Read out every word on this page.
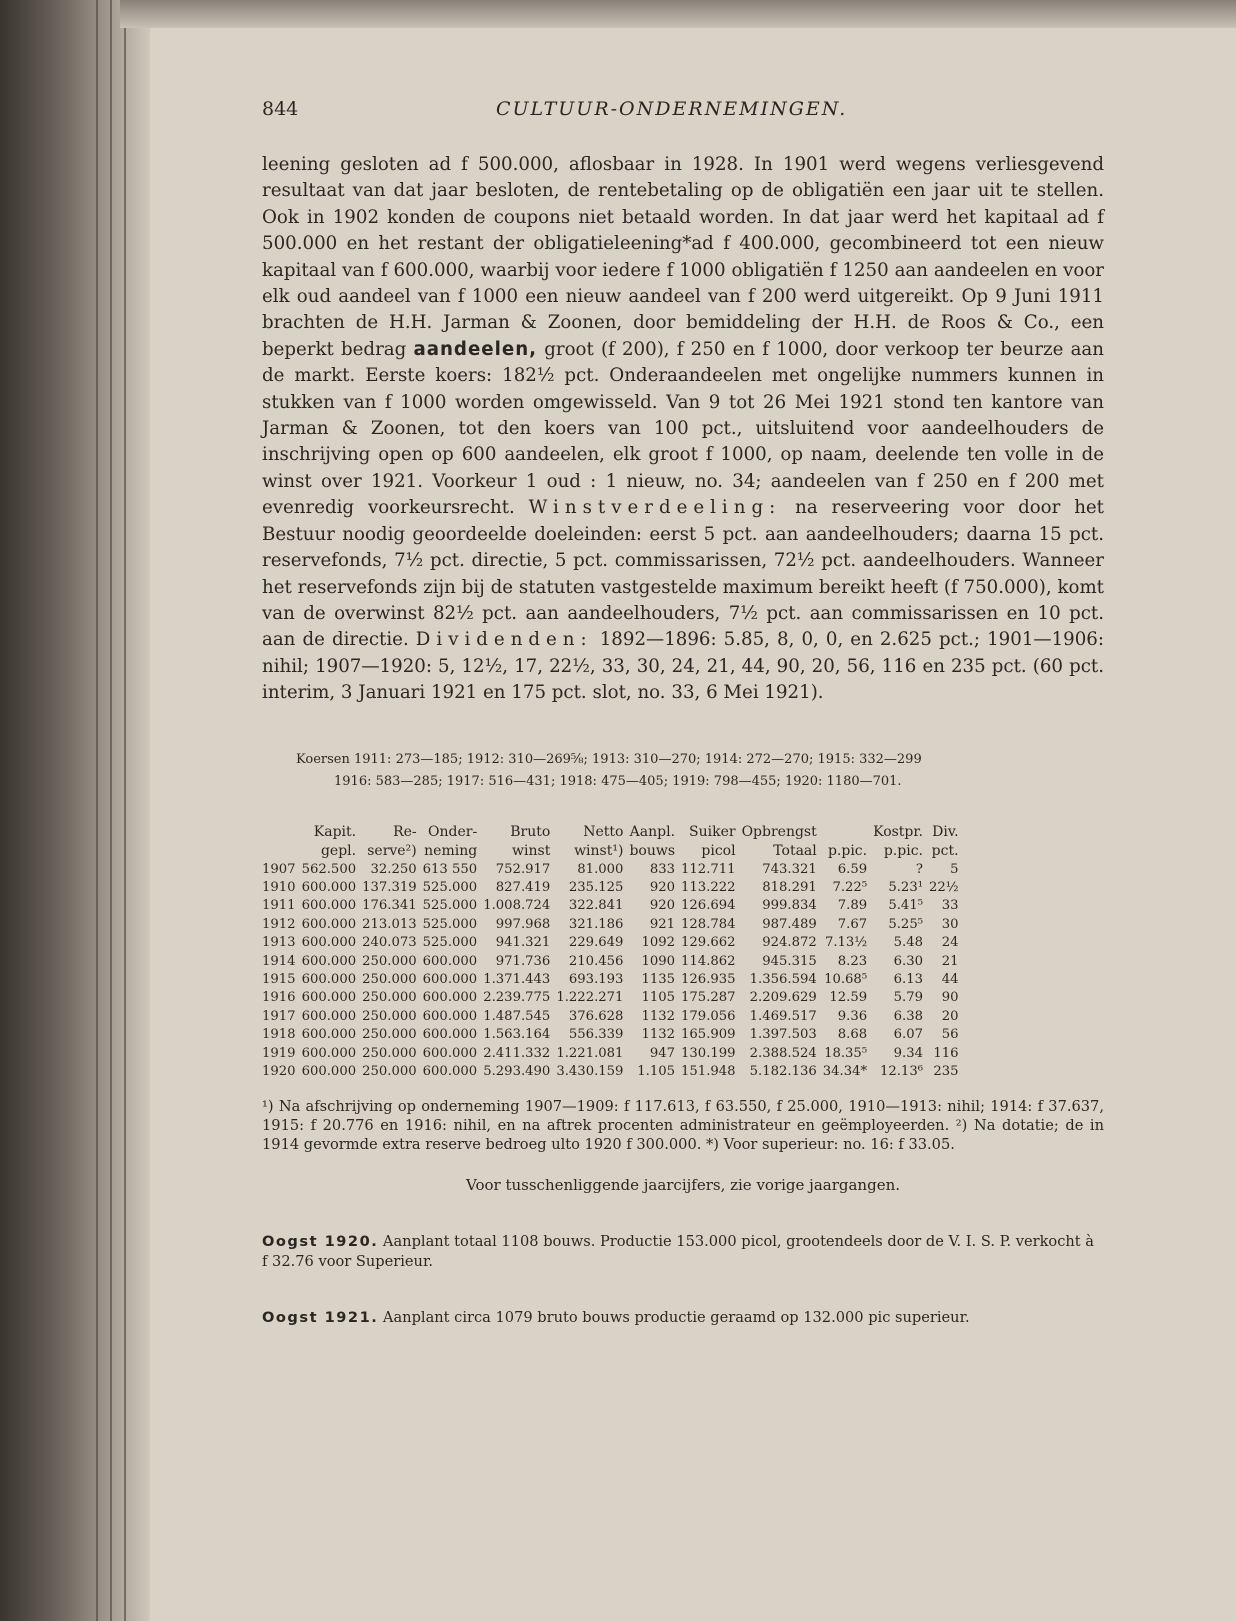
844	CULTUUR-ONDERNEMINGEN.

leening gesloten ad f 500.000, aflosbaar in 1928. In 1901 werd wegens verliesgevend resultaat van dat jaar besloten, de rentebetaling op de obligatiën een jaar uit te stellen. Ook in 1902 konden de coupons niet betaald worden. In dat jaar werd het kapitaal ad f 500.000 en het restant der obligatieleening*ad f 400.000, gecombineerd tot een nieuw kapitaal van f 600.000, waarbij voor iedere f 1000 obligatiën f 1250 aan aandeelen en voor elk oud aandeel van f 1000 een nieuw aandeel van f 200 werd uitgereikt. Op 9 Juni 1911 brachten de H.H. Jarman & Zoonen, door bemiddeling der H.H. de Roos & Co., een beperkt bedrag aandeelen, groot (f 200), f 250 en f 1000, door verkoop ter beurze aan de markt. Eerste koers: 182½ pct. Onderaandeelen met ongelijke nummers kunnen in stukken van f 1000 worden omgewisseld. Van 9 tot 26 Mei 1921 stond ten kantore van Jarman & Zoonen, tot den koers van 100 pct., uitsluitend voor aandeelhouders de inschrijving open op 600 aandeelen, elk groot f 1000, op naam, deelende ten volle in de winst over 1921. Voorkeur 1 oud : 1 nieuw, no. 34; aandeelen van f 250 en f 200 met evenredig voorkeursrecht. Winstverdeeling: na reserveering voor door het Bestuur noodig geoordeelde doeleinden: eerst 5 pct. aan aandeelhouders; daarna 15 pct. reservefonds, 7½ pct. directie, 5 pct. commissarissen, 72½ pct. aandeelhouders. Wanneer het reservefonds zijn bij de statuten vastgestelde maximum bereikt heeft (f 750.000), komt van de overwinst 82½ pct. aan aandeelhouders, 7½ pct. aan commissarissen en 10 pct. aan de directie. Dividenden: 1892—1896: 5.85, 8, 0, 0, en 2.625 pct.; 1901—1906: nihil; 1907—1920: 5, 12½, 17, 22½, 33, 30, 24, 21, 44, 90, 20, 56, 116 en 235 pct. (60 pct. interim, 3 Januari 1921 en 175 pct. slot, no. 33, 6 Mei 1921).

Koersen 1911: 273—185; 1912: 310—269⅝; 1913: 310—270; 1914: 272—270; 1915: 332—299
1916: 583—285; 1917: 516—431; 1918: 475—405; 1919: 798—455; 1920: 1180—701.
	Kapit.	Re-	Onder-	Bruto	Netto	Aanpl.	Suiker	Opbrengst		Kostpr.	Div.
	gepl.	serve²)	neming	winst	winst¹)	bouws	picol	Totaal	p.pic.	p.pic.	pct.
1907	562.500	32.250	613 550	752.917	81.000	833	112.711	743.321	6.59	?	5
1910	600.000	137.319	525.000	827.419	235.125	920	113.222	818.291	7.22⁵	5.23¹	22½
1911	600.000	176.341	525.000	1.008.724	322.841	920	126.694	999.834	7.89	5.41⁵	33
1912	600.000	213.013	525.000	997.968	321.186	921	128.784	987.489	7.67	5.25⁵	30
1913	600.000	240.073	525.000	941.321	229.649	1092	129.662	924.872	7.13½	5.48	24
1914	600.000	250.000	600.000	971.736	210.456	1090	114.862	945.315	8.23	6.30	21
1915	600.000	250.000	600.000	1.371.443	693.193	1135	126.935	1.356.594	10.68⁵	6.13	44
1916	600.000	250.000	600.000	2.239.775	1.222.271	1105	175.287	2.209.629	12.59	5.79	90
1917	600.000	250.000	600.000	1.487.545	376.628	1132	179.056	1.469.517	9.36	6.38	20
1918	600.000	250.000	600.000	1.563.164	556.339	1132	165.909	1.397.503	8.68	6.07	56
1919	600.000	250.000	600.000	2.411.332	1.221.081	947	130.199	2.388.524	18.35⁵	9.34	116
1920	600.000	250.000	600.000	5.293.490	3.430.159	1.105	151.948	5.182.136	34.34*	12.13⁶	235
¹) Na afschrijving op onderneming 1907—1909: f 117.613, f 63.550, f 25.000, 1910—1913: nihil; 1914: f 37.637, 1915: f 20.776 en 1916: nihil, en na aftrek procenten administrateur en geëmployeerden. ²) Na dotatie; de in 1914 gevormde extra reserve bedroeg ulto 1920 f 300.000. *) Voor superieur: no. 16: f 33.05.
Voor tusschenliggende jaarcijfers, zie vorige jaargangen.
Oogst 1920. Aanplant totaal 1108 bouws. Productie 153.000 picol, grootendeels door de V. I. S. P. verkocht à f 32.76 voor Superieur.
Oogst 1921. Aanplant circa 1079 bruto bouws productie geraamd op 132.000 pic superieur.
